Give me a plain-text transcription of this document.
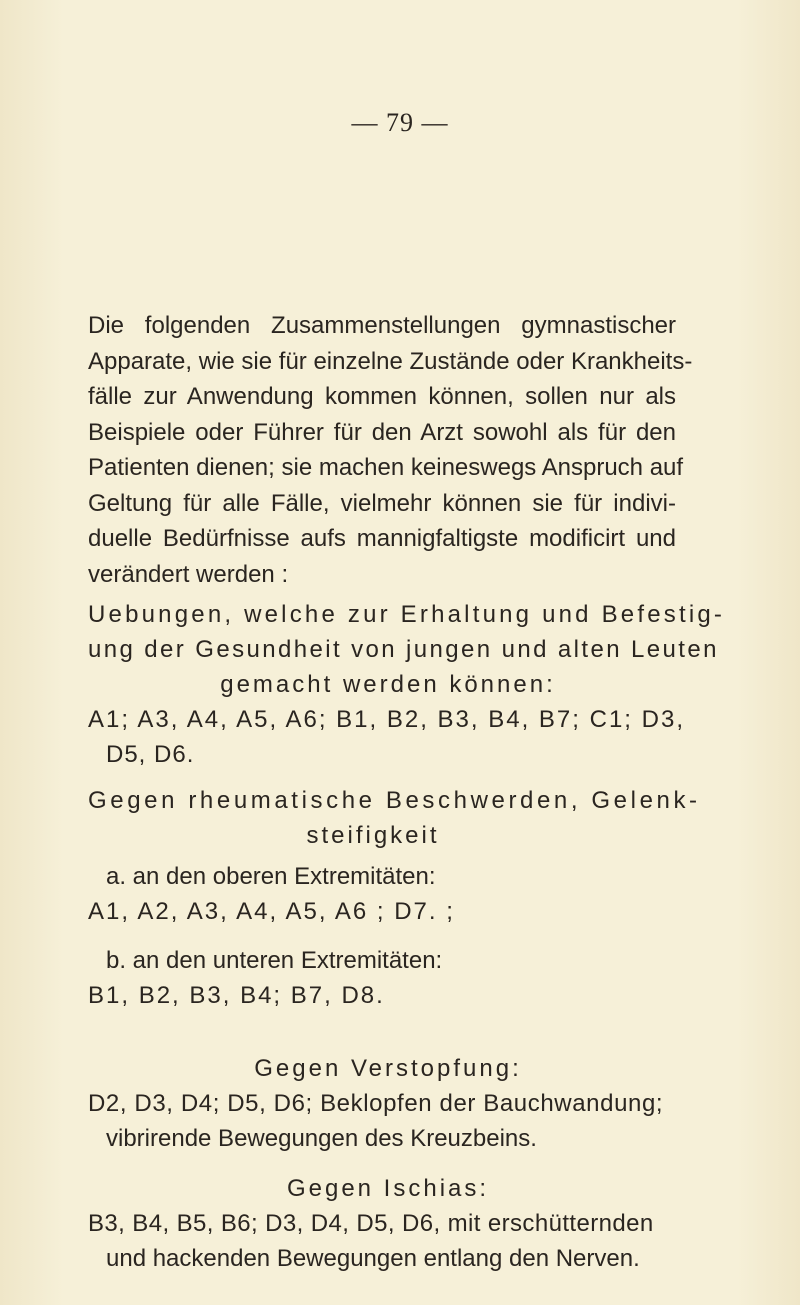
— 79 —
Die folgenden Zusammenstellungen gymnastischer
Apparate, wie sie für einzelne Zustände oder Krankheits-
fälle zur Anwendung kommen können, sollen nur als
Beispiele oder Führer für den Arzt sowohl als für den
Patienten dienen; sie machen keineswegs Anspruch auf
Geltung für alle Fälle, vielmehr können sie für indivi-
duelle Bedürfnisse aufs mannigfaltigste modificirt und
verändert werden :
Uebungen, welche zur Erhaltung und Befestig-
ung der Gesundheit von jungen und alten Leuten
gemacht werden können:
A1; A3, A4, A5, A6; B1, B2, B3, B4, B7; C1; D3,
D5, D6.
Gegen rheumatische Beschwerden, Gelenk-
steifigkeit
a. an den oberen Extremitäten:
A1, A2, A3, A4, A5, A6 ; D7. ;
b. an den unteren Extremitäten:
B1, B2, B3, B4; B7, D8.
Gegen Verstopfung:
D2, D3, D4; D5, D6; Beklopfen der Bauchwandung;
vibrirende Bewegungen des Kreuzbeins.
Gegen Ischias:
B3, B4, B5, B6; D3, D4, D5, D6, mit erschütternden
und hackenden Bewegungen entlang den Nerven.
